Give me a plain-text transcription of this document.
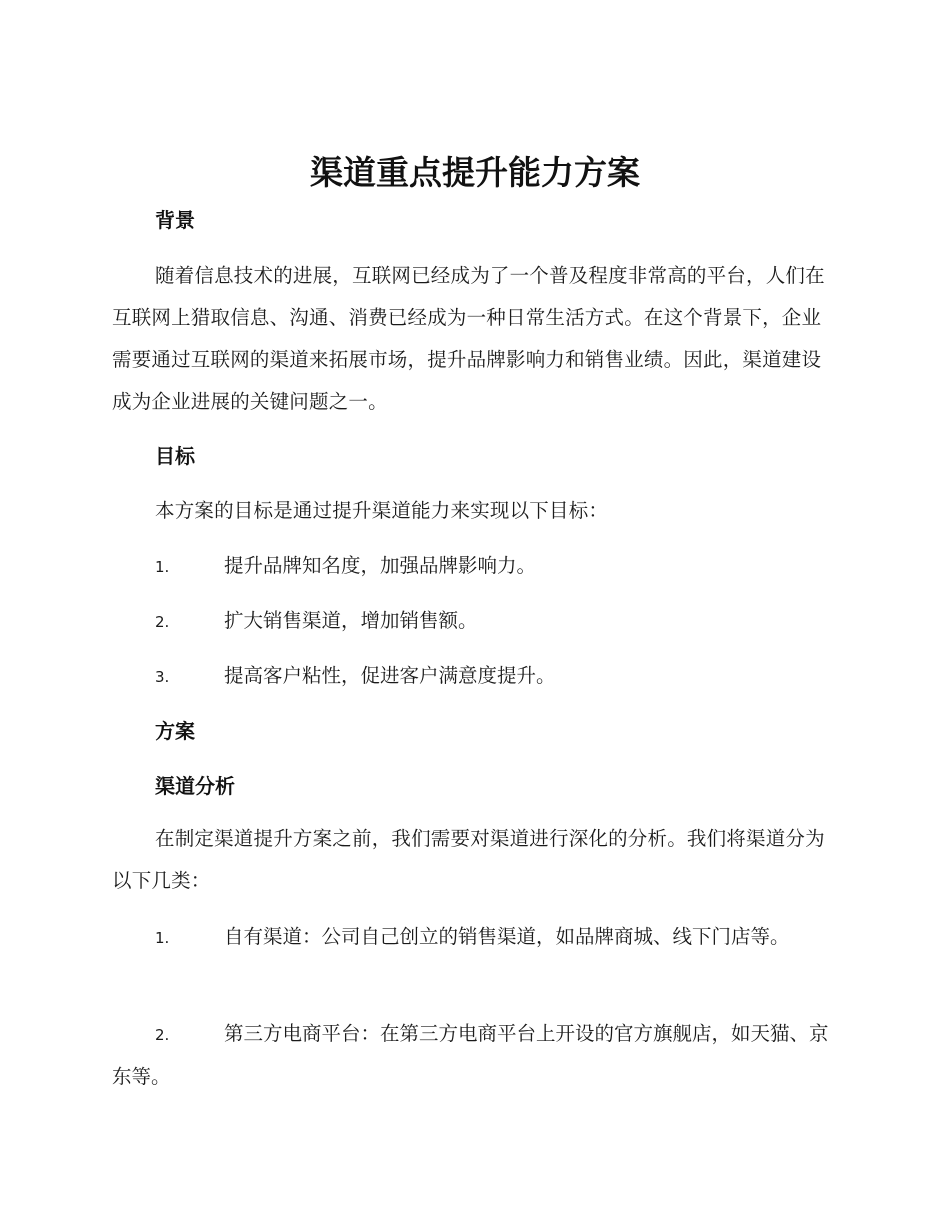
渠道重点提升能力方案
背景

随着信息技术的进展，互联网已经成为了一个普及程度非常高的平台，人们在互联网上猎取信息、沟通、消费已经成为一种日常生活方式。在这个背景下，企业需要通过互联网的渠道来拓展市场，提升品牌影响力和销售业绩。因此，渠道建设成为企业进展的关键问题之一。

目标

本方案的目标是通过提升渠道能力来实现以下目标：

1.	提升品牌知名度，加强品牌影响力。

2.	扩大销售渠道，增加销售额。

3.	提高客户粘性，促进客户满意度提升。

方案
渠道分析

在制定渠道提升方案之前，我们需要对渠道进行深化的分析。我们将渠道分为以下几类：

1.	自有渠道：公司自己创立的销售渠道，如品牌商城、线下门店等。

2.	第三方电商平台：在第三方电商平台上开设的官方旗舰店，如天猫、京东等。
